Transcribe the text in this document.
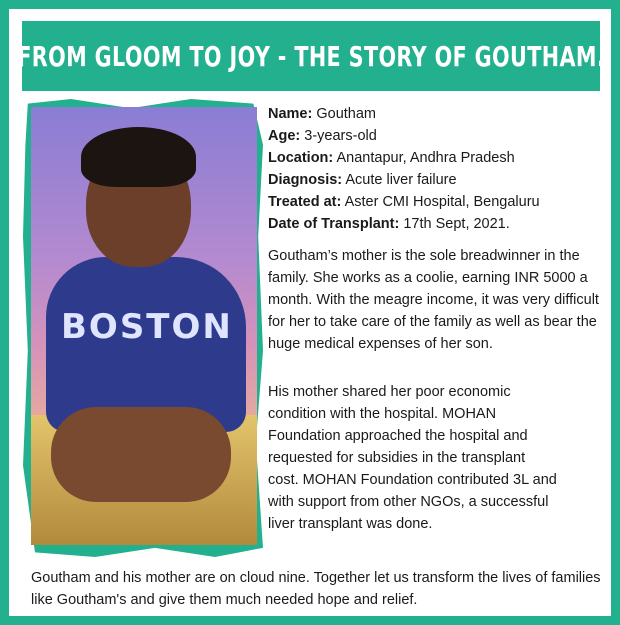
FROM GLOOM TO JOY - THE STORY OF GOUTHAM.
BOSTON
Name: Goutham
Age: 3-years-old
Location: Anantapur, Andhra Pradesh
Diagnosis: Acute liver failure
Treated at: Aster CMI Hospital, Bengaluru
Date of Transplant: 17th Sept, 2021.
Goutham’s mother is the sole breadwinner in the family. She works as a coolie, earning INR 5000 a month. With the meagre income, it was very difficult for her to take care of the family as well as bear the huge medical expenses of her son.
His mother shared her poor economic condition with the hospital. MOHAN Foundation approached the hospital and requested for subsidies in the transplant cost. MOHAN Foundation contributed 3L and with support from other NGOs, a successful liver transplant was done.
Goutham and his mother are on cloud nine. Together let us transform the lives of families like Goutham's and give them much needed hope and relief.
